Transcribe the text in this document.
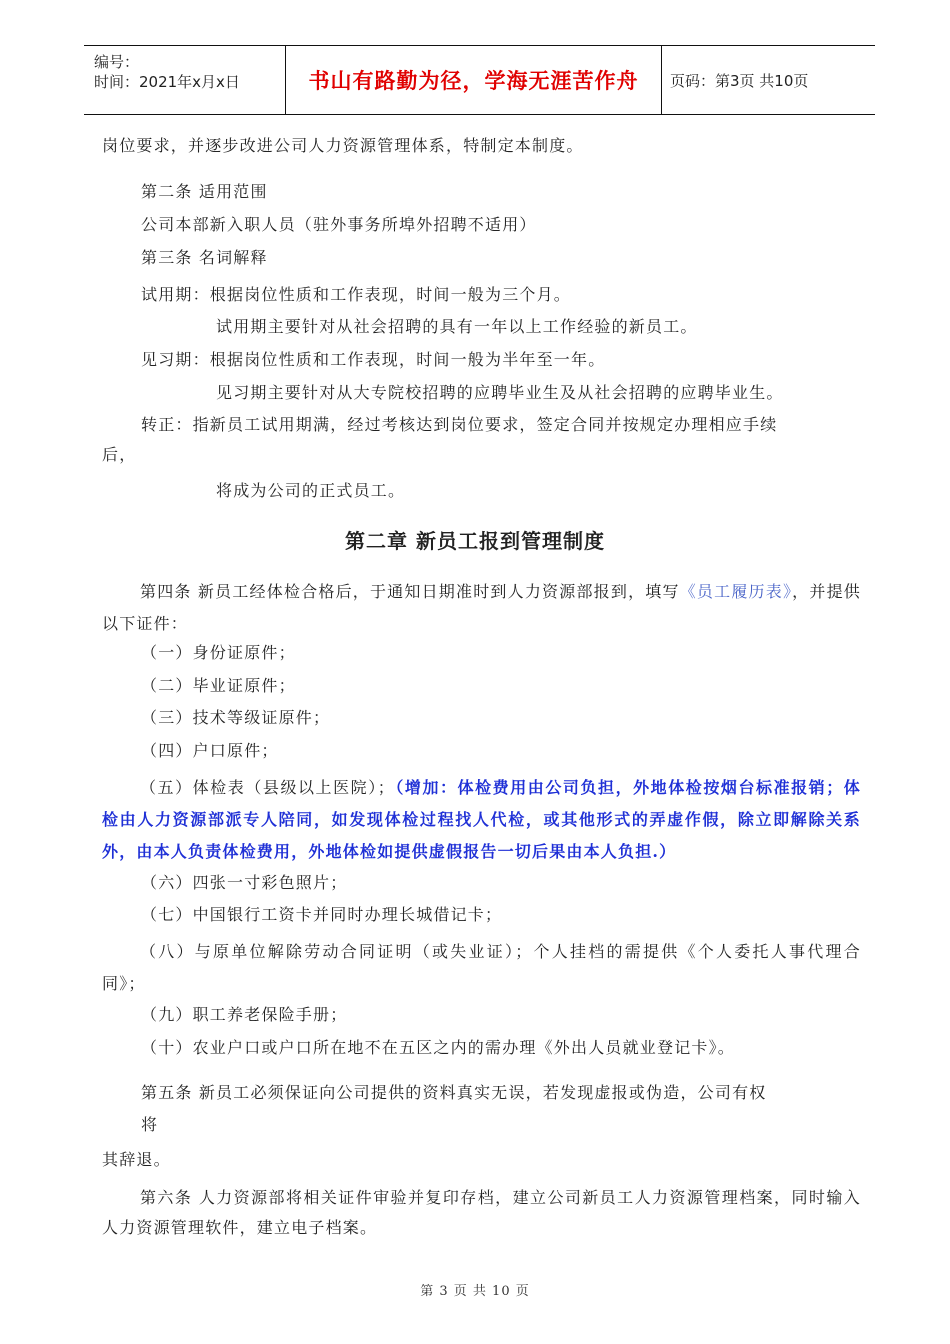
编号：
时间：2021年x月x日	书山有路勤为径，学海无涯苦作舟	页码：第3页 共10页
岗位要求，并逐步改进公司人力资源管理体系，特制定本制度。
第二条 适用范围
公司本部新入职人员（驻外事务所埠外招聘不适用）
第三条 名词解释
试用期：根据岗位性质和工作表现，时间一般为三个月。
试用期主要针对从社会招聘的具有一年以上工作经验的新员工。
见习期：根据岗位性质和工作表现，时间一般为半年至一年。
见习期主要针对从大专院校招聘的应聘毕业生及从社会招聘的应聘毕业生。
转正：指新员工试用期满，经过考核达到岗位要求，签定合同并按规定办理相应手续
后，
将成为公司的正式员工。
第二章 新员工报到管理制度
第四条 新员工经体检合格后，于通知日期准时到人力资源部报到，填写《员工履历表》，并提供以下证件：
（一）身份证原件；
（二）毕业证原件；
（三）技术等级证原件；
（四）户口原件；
（五）体检表（县级以上医院）；（增加：体检费用由公司负担，外地体检按烟台标准报销；体检由人力资源部派专人陪同，如发现体检过程找人代检，或其他形式的弄虚作假，除立即解除关系外，由本人负责体检费用，外地体检如提供虚假报告一切后果由本人负担.）
（六）四张一寸彩色照片；
（七）中国银行工资卡并同时办理长城借记卡；
（八）与原单位解除劳动合同证明（或失业证）；个人挂档的需提供《个人委托人事代理合同》；
（九）职工养老保险手册；
（十）农业户口或户口所在地不在五区之内的需办理《外出人员就业登记卡》。
第五条 新员工必须保证向公司提供的资料真实无误，若发现虚报或伪造，公司有权
将
其辞退。
第六条 人力资源部将相关证件审验并复印存档，建立公司新员工人力资源管理档案，同时输入人力资源管理软件，建立电子档案。
第 3 页 共 10 页
